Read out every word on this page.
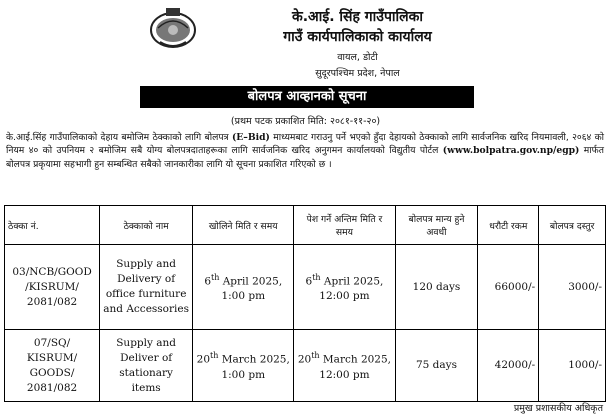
के.आई. सिंह गाउँपालिका
गाउँ कार्यपालिकाको कार्यालय
वायल, डोटी
सुदूरपश्चिम प्रदेश, नेपाल
बोलपत्र आव्हानको सूचना
(प्रथम पटक प्रकाशित मिति: २०८१-११-२०)
के.आई.सिंह गाउँपालिकाको देहाय बमोजिम ठेक्काको लागि बोलपत्र (E–Bid) माध्यमबाट गराउनु पर्ने भएको हुँदा देहायको ठेक्काको लागि सार्वजनिक खरिद नियमावली, २०६४ को नियम ४० को उपनियम २ बमोजिम सबै योग्य बोलपत्रदाताहरूका लागि सार्वजनिक खरिद अनुगमन कार्यालयको विद्युतीय पोर्टल (www.bolpatra.gov.np/egp) मार्फत बोलपत्र प्रकृयामा सहभागी हुन सम्बन्धित सबैको जानकारीका लागि यो सूचना प्रकाशित गरिएको छ ।
ठेक्का नं.	ठेक्काको नाम	खोलिने मिति र समय	पेश गर्ने अन्तिम मिति र समय	बोलपत्र मान्य हुने अवधी	धरौटी रकम	बोलपत्र दस्तुर
03/NCB/GOOD /KISRUM/ 2081/082	Supply and Delivery of office furniture and Accessories	6th April 2025, 1:00 pm	6th April 2025, 12:00 pm	120 days	66000/-	3000/-
07/SQ/ KISRUM/ GOODS/ 2081/082	Supply and Deliver of stationary items	20th March 2025, 1:00 pm	20th March 2025, 12:00 pm	75 days	42000/-	1000/-
प्रमुख प्रशासकीय अधिकृत
